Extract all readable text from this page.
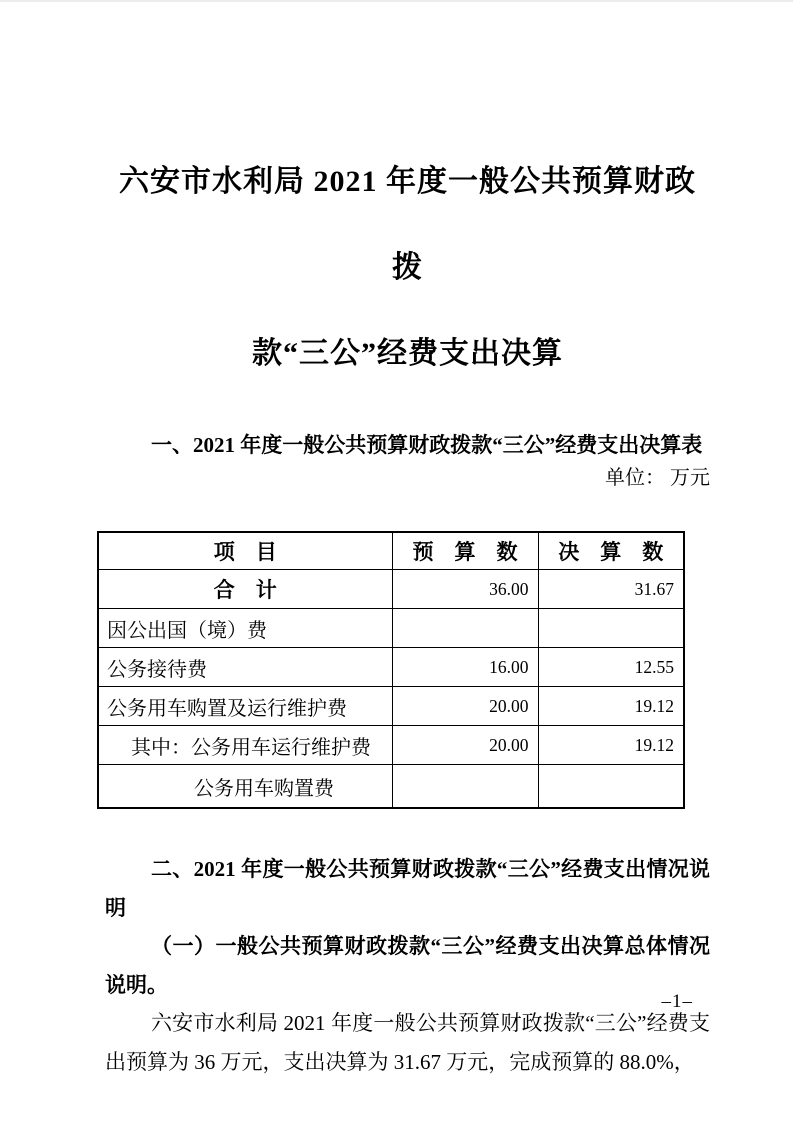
六安市水利局 2021 年度一般公共预算财政拨
款“三公”经费支出决算
一、2021 年度一般公共预算财政拨款“三公”经费支出决算表
单位： 万元
项　目	预　算　数	决　算　数
合　计	36.00	31.67
因公出国（境）费		
公务接待费	16.00	12.55
公务用车购置及运行维护费	20.00	19.12
其中：公务用车运行维护费	20.00	19.12
公务用车购置费		
二、2021 年度一般公共预算财政拨款“三公”经费支出情况说明
（一）一般公共预算财政拨款“三公”经费支出决算总体情况说明。
六安市水利局 2021 年度一般公共预算财政拨款“三公”经费支出预算为 36 万元，支出决算为 31.67 万元，完成预算的 88.0%，
–1–
